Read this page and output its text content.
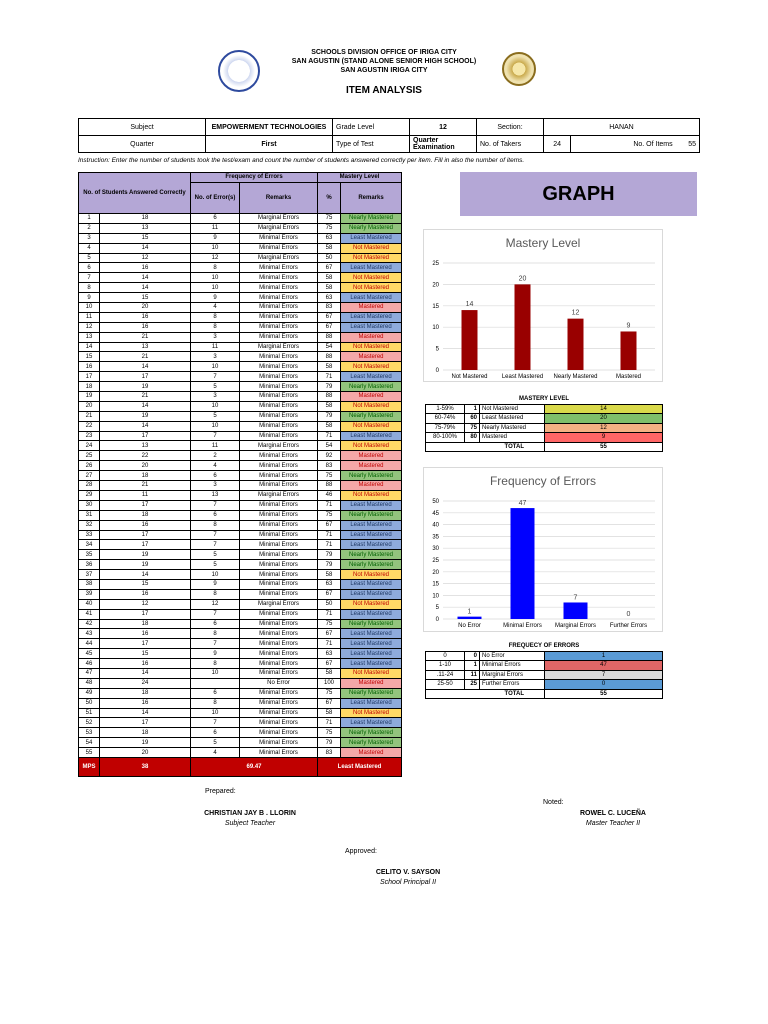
SCHOOLS DIVISION OFFICE OF IRIGA CITY
SAN AGUSTIN (STAND ALONE SENIOR HIGH SCHOOL)
SAN AGUSTIN IRIGA CITY
ITEM ANALYSIS
Subject	EMPOWERMENT TECHNOLOGIES	Grade Level	12	Section:	HANAN	
Quarter	First	Type of Test	Quarter Examination	No. of Takers	24	No. Of Items 55
Instruction: Enter the number of students took the test/exam and count the number of students answered correctly per item. Fill in also the number of items.
No. of Students Answered Correctly		Frequency of Errors		Mastery Level	
		No. of Error(s)	Remarks	%	Remarks
1	18	6	Marginal Errors	75	Nearly Mastered
2	13	11	Marginal Errors	75	Nearly Mastered
3	15	9	Minimal Errors	63	Least Mastered
4	14	10	Minimal Errors	58	Not Mastered
5	12	12	Marginal Errors	50	Not Mastered
6	16	8	Minimal Errors	67	Least Mastered
7	14	10	Minimal Errors	58	Not Mastered
8	14	10	Minimal Errors	58	Not Mastered
9	15	9	Minimal Errors	63	Least Mastered
10	20	4	Minimal Errors	83	Mastered
11	16	8	Minimal Errors	67	Least Mastered
12	16	8	Minimal Errors	67	Least Mastered
13	21	3	Minimal Errors	88	Mastered
14	13	11	Marginal Errors	54	Not Mastered
15	21	3	Minimal Errors	88	Mastered
16	14	10	Minimal Errors	58	Not Mastered
17	17	7	Minimal Errors	71	Least Mastered
18	19	5	Minimal Errors	79	Nearly Mastered
19	21	3	Minimal Errors	88	Mastered
20	14	10	Minimal Errors	58	Not Mastered
21	19	5	Minimal Errors	79	Nearly Mastered
22	14	10	Minimal Errors	58	Not Mastered
23	17	7	Minimal Errors	71	Least Mastered
24	13	11	Marginal Errors	54	Not Mastered
25	22	2	Minimal Errors	92	Mastered
26	20	4	Minimal Errors	83	Mastered
27	18	6	Minimal Errors	75	Nearly Mastered
28	21	3	Minimal Errors	88	Mastered
29	11	13	Marginal Errors	46	Not Mastered
30	17	7	Minimal Errors	71	Least Mastered
31	18	6	Minimal Errors	75	Nearly Mastered
32	16	8	Minimal Errors	67	Least Mastered
33	17	7	Minimal Errors	71	Least Mastered
34	17	7	Minimal Errors	71	Least Mastered
35	19	5	Minimal Errors	79	Nearly Mastered
36	19	5	Minimal Errors	79	Nearly Mastered
37	14	10	Minimal Errors	58	Not Mastered
38	15	9	Minimal Errors	63	Least Mastered
39	16	8	Minimal Errors	67	Least Mastered
40	12	12	Marginal Errors	50	Not Mastered
41	17	7	Minimal Errors	71	Least Mastered
42	18	6	Minimal Errors	75	Nearly Mastered
43	16	8	Minimal Errors	67	Least Mastered
44	17	7	Minimal Errors	71	Least Mastered
45	15	9	Minimal Errors	63	Least Mastered
46	16	8	Minimal Errors	67	Least Mastered
47	14	10	Minimal Errors	58	Not Mastered
48	24		No Error	100	Mastered
49	18	6	Minimal Errors	75	Nearly Mastered
50	16	8	Minimal Errors	67	Least Mastered
51	14	10	Minimal Errors	58	Not Mastered
52	17	7	Minimal Errors	71	Least Mastered
53	18	6	Minimal Errors	75	Nearly Mastered
54	19	5	Minimal Errors	79	Nearly Mastered
55	20	4	Minimal Errors	83	Mastered
MPS	38	69.47		Least Mastered	
GRAPH
Mastery Level
0
5
10
15
20
25
14
Not Mastered
20
Least Mastered
12
Nearly Mastered
9
Mastered
MASTERY LEVEL			
1-59%	1	Not Mastered	14
60-74%	60	Least Mastered	20
75-79%	75	Nearly Mastered	12
80-100%	80	Mastered	9
TOTAL			55
Frequency of Errors
0
5
10
15
20
25
30
35
40
45
50
1
No Error
47
Minimal Errors
7
Marginal Errors
0
Further Errors
FREQUECY OF ERRORS			
0	0	No Error	1
1-10	1	Minimal Errors	47
.11-24	11	Marginal Errors	7
25-50	25	Further Errors	0
TOTAL			55
Prepared:
CHRISTIAN JAY B . LLORIN
Subject Teacher
Noted:
ROWEL C. LUCEÑA
Master Teacher II
Approved:
CELITO V. SAYSON
School Principal II
